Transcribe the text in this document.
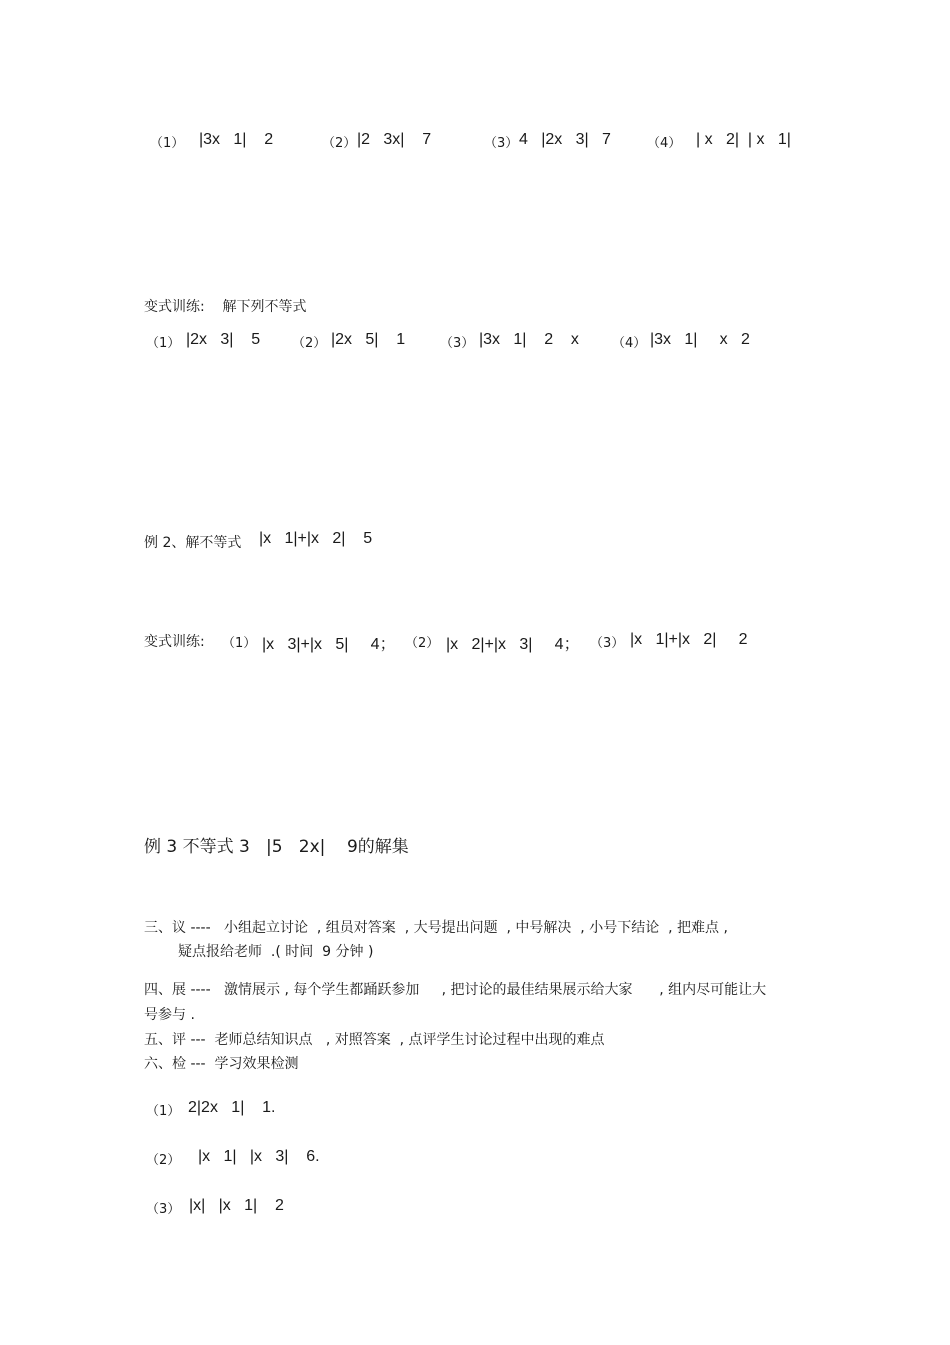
（1） |3x   1|    2	（2） |2   3x|    7	（3） 4   |2x   3|   7	（4） | x   2|  | x   1|
变式训练:    解下列不等式
（1） |2x   3|    5 （2） |2x   5|    1	（3） |3x   1|    2    x	（4） |3x   1|     x   2
例 2、解不等式 |x   1|+|x   2|    5
变式训练: （1） |x   3|+|x   5|     4； （2） |x   2|+|x   3|     4； （3） |x   1|+|x   2|     2
例 3 不等式 3 |5   2x|    9的解集
三、议 ----   小组起立讨论  , 组员对答案  , 大号提出问题  , 中号解决  , 小号下结论  , 把难点 ,
疑点报给老师  .( 时间  9 分钟 )
四、展 ----   激情展示 , 每个学生都踊跃参加     , 把讨论的最佳结果展示给大家      , 组内尽可能让大
号参与 .
五、评 ---  老师总结知识点   , 对照答案  , 点评学生讨论过程中出现的难点
六、检 ---  学习效果检测
（1） 2|2x   1|    1.
（2） |x   1|   |x   3|    6.
（3） |x|   |x   1|    2
